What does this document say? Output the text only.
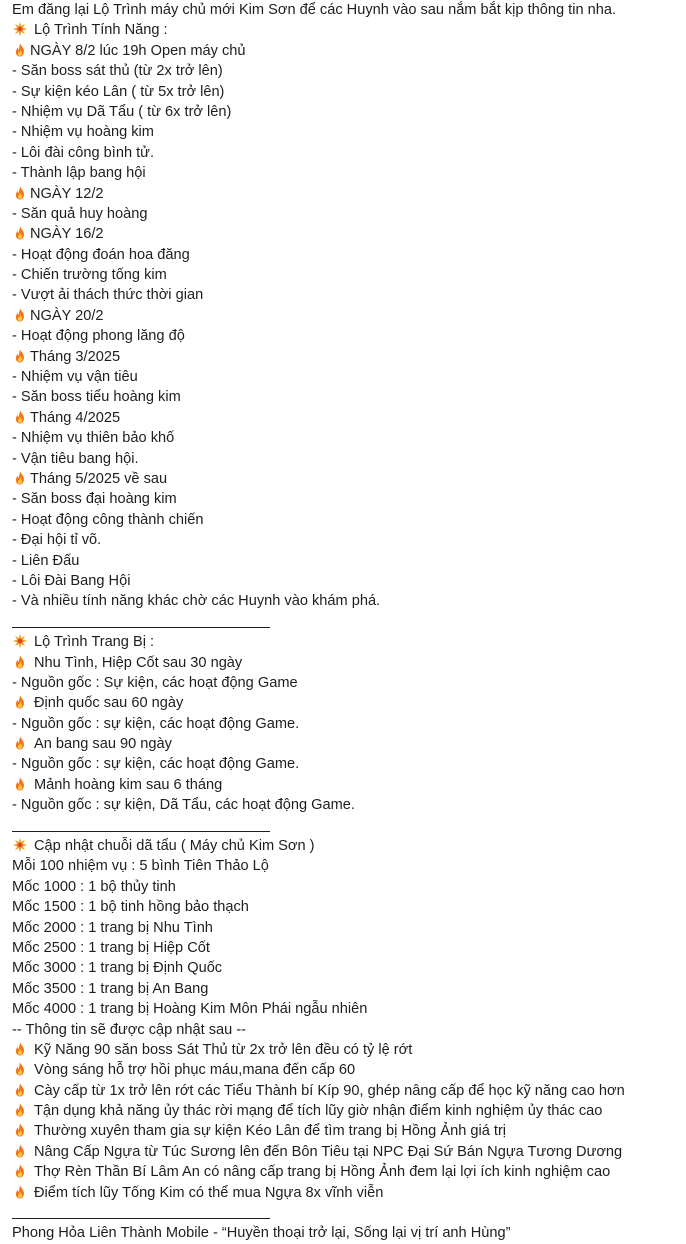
Em đăng lại Lộ Trình máy chủ mới Kim Sơn để các Huynh vào sau nắm bắt kịp thông tin nha.
Lộ Trình Tính Năng :
NGÀY 8/2 lúc 19h Open máy chủ
- Săn boss sát thủ (từ 2x trở lên)
- Sự kiện kéo Lân ( từ 5x trở lên)
- Nhiệm vụ Dã Tẩu ( từ 6x trở lên)
- Nhiệm vụ hoàng kim
- Lôi đài công bình tử.
- Thành lập bang hội
NGÀY 12/2
- Săn quả huy hoàng
NGÀY 16/2
- Hoạt động đoán hoa đăng
- Chiến trường tống kim
- Vượt ải thách thức thời gian
NGÀY 20/2
- Hoạt động phong lăng độ
Tháng 3/2025
- Nhiệm vụ vận tiêu
- Săn boss tiểu hoàng kim
Tháng 4/2025
- Nhiệm vụ thiên bảo khố
- Vận tiêu bang hội.
Tháng 5/2025 về sau
- Săn boss đại hoàng kim
- Hoạt động công thành chiến
- Đại hội tỉ võ.
- Liên Đấu
- Lôi Đài Bang Hội
- Và nhiều tính năng khác chờ các Huynh vào khám phá.
Lộ Trình Trang Bị :
Nhu Tình, Hiệp Cốt sau 30 ngày
- Nguồn gốc : Sự kiện, các hoạt động Game
Định quốc sau 60 ngày
- Nguồn gốc : sự kiện, các hoạt động Game.
An bang sau 90 ngày
- Nguồn gốc : sự kiện, các hoạt động Game.
Mảnh hoàng kim sau 6 tháng
- Nguồn gốc : sự kiện, Dã Tẩu, các hoạt động Game.
Cập nhật chuỗi dã tẩu ( Máy chủ Kim Sơn )
Mỗi 100 nhiệm vụ : 5 bình Tiên Thảo Lộ
Mốc 1000 : 1 bộ thủy tinh
Mốc 1500 : 1 bộ tinh hồng bảo thạch
Mốc 2000 : 1 trang bị Nhu Tình
Mốc 2500 : 1 trang bị Hiệp Cốt
Mốc 3000 : 1 trang bị Định Quốc
Mốc 3500 : 1 trang bị An Bang
Mốc 4000 : 1 trang bị Hoàng Kim Môn Phái ngẫu nhiên
-- Thông tin sẽ được cập nhật sau --
Kỹ Năng 90 săn boss Sát Thủ từ 2x trở lên đều có tỷ lệ rớt
Vòng sáng hỗ trợ hồi phục máu,mana đến cấp 60
Cày cấp từ 1x trở lên rớt các Tiểu Thành bí Kíp 90, ghép nâng cấp để học kỹ năng cao hơn
Tận dụng khả năng ủy thác rời mạng để tích lũy giờ nhận điểm kinh nghiệm ủy thác cao
Thường xuyên tham gia sự kiện Kéo Lân để tìm trang bị Hồng Ảnh giá trị
Nâng Cấp Ngựa từ Túc Sương lên đến Bôn Tiêu tại NPC Đại Sứ Bán Ngựa Tương Dương
Thợ Rèn Thần Bí Lâm An có nâng cấp trang bị Hồng Ảnh đem lại lợi ích kinh nghiệm cao
Điểm tích lũy Tống Kim có thể mua Ngựa 8x vĩnh viễn
Phong Hỏa Liên Thành Mobile - “Huyền thoại trở lại, Sống lại vị trí anh Hùng”
